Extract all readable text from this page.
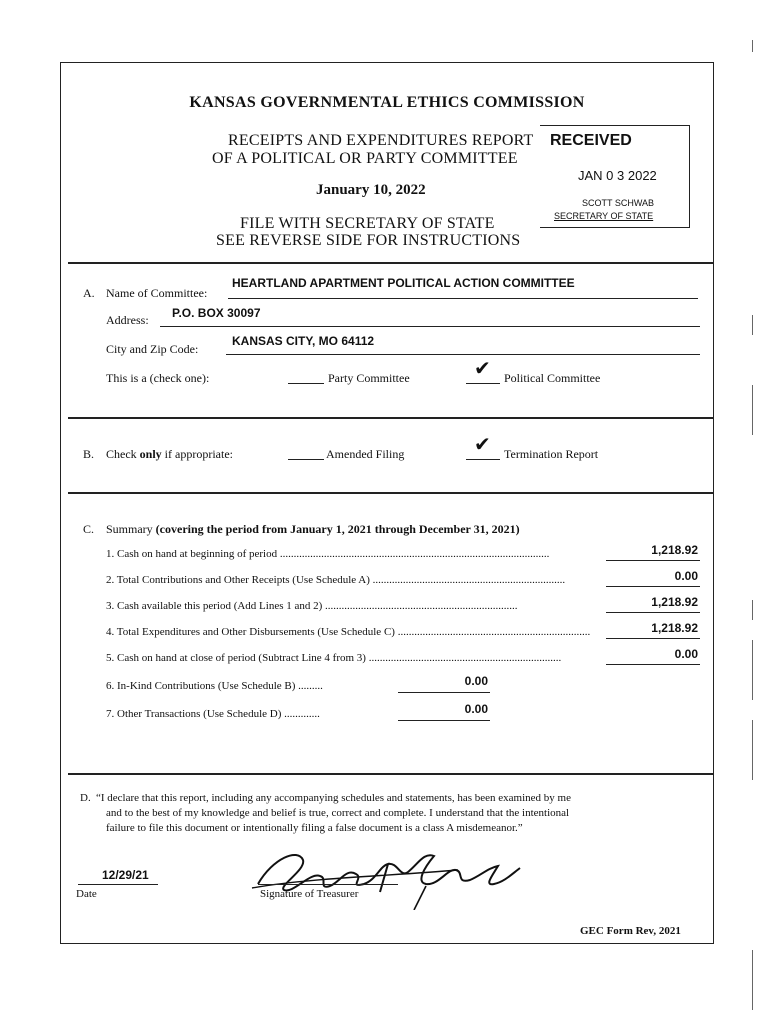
KANSAS GOVERNMENTAL ETHICS COMMISSION
RECEIPTS AND EXPENDITURES REPORT
OF A POLITICAL OR PARTY COMMITTEE
January 10, 2022
FILE WITH SECRETARY OF STATE
SEE REVERSE SIDE FOR INSTRUCTIONS
RECEIVED
JAN 0 3 2022
SCOTT SCHWAB
SECRETARY OF STATE
A. Name of Committee:
HEARTLAND APARTMENT POLITICAL ACTION COMMITTEE
Address: P.O. BOX 30097
City and Zip Code:
KANSAS CITY, MO 64112
This is a (check one):	Party Committee	✔ Political Committee
B. Check only if appropriate:	Amended Filing	✔ Termination Report
C. Summary (covering the period from January 1, 2021 through December 31, 2021)
1. Cash on hand at beginning of period ..................................................................................................	1,218.92
2. Total Contributions and Other Receipts (Use Schedule A) ......................................................................	0.00
3. Cash available this period (Add Lines 1 and 2) ......................................................................	1,218.92
4. Total Expenditures and Other Disbursements (Use Schedule C) ......................................................................	1,218.92
5. Cash on hand at close of period (Subtract Line 4 from 3) ......................................................................	0.00
6. In-Kind Contributions (Use Schedule B) .........	0.00
7. Other Transactions (Use Schedule D) .............	0.00
D. “I declare that this report, including any accompanying schedules and statements, has been examined by me
and to the best of my knowledge and belief is true, correct and complete. I understand that the intentional
failure to file this document or intentionally filing a false document is a class A misdemeanor.”
12/29/21
Date	Signature of Treasurer
GEC Form Rev, 2021
